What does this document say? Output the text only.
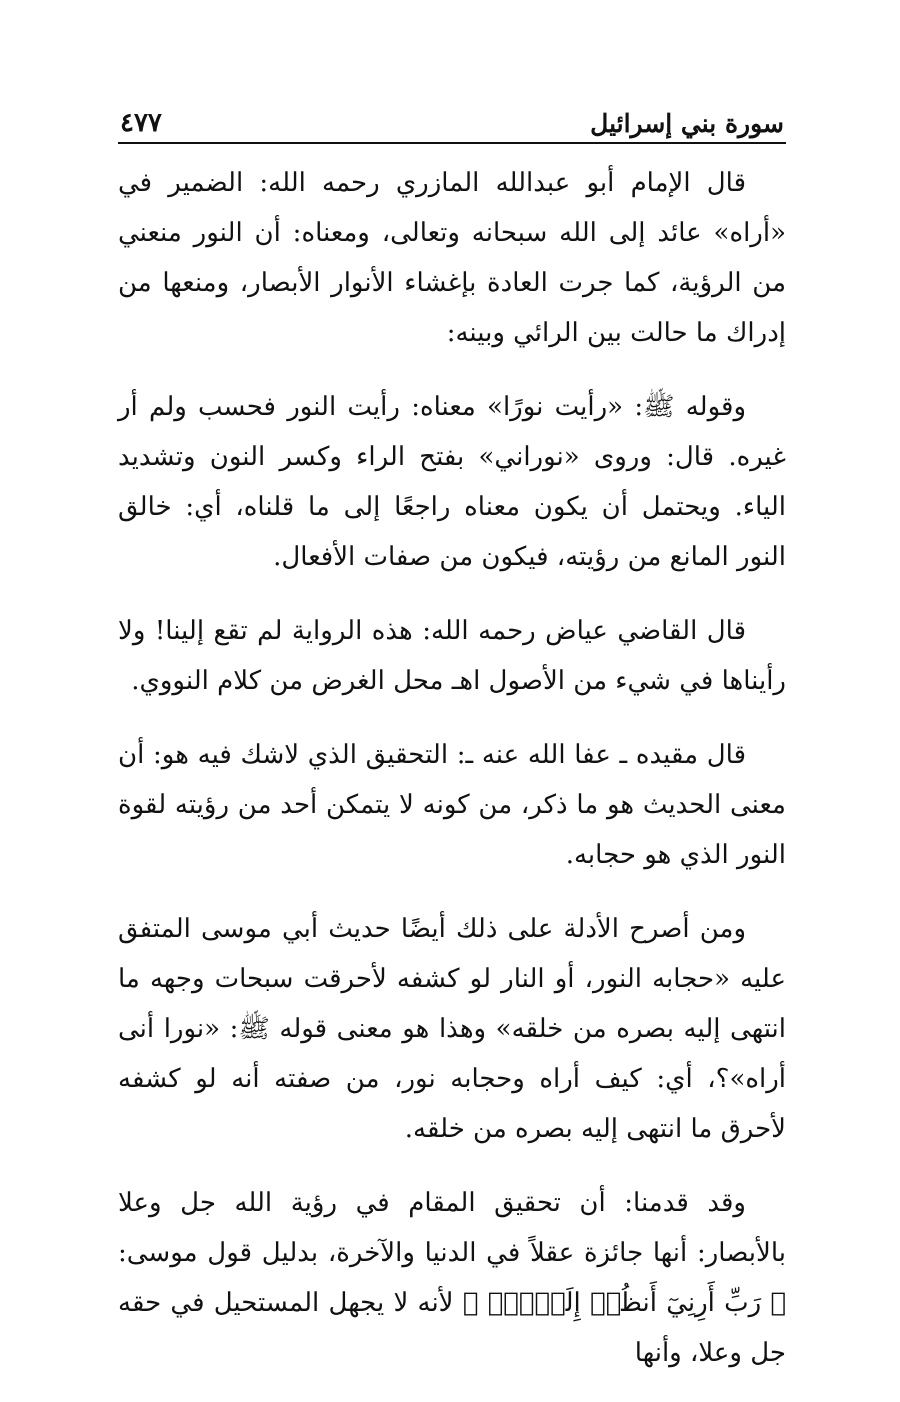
سورة بني إسرائيل
٤٧٧

قال الإمام أبو عبدالله المازري رحمه الله: الضمير في «أراه» عائد إلى الله سبحانه وتعالى، ومعناه: أن النور منعني من الرؤية، كما جرت العادة بإغشاء الأنوار الأبصار، ومنعها من إدراك ما حالت بين الرائي وبينه:

وقوله ﷺ: «رأيت نورًا» معناه: رأيت النور فحسب ولم أر غيره. قال: وروى «نوراني» بفتح الراء وكسر النون وتشديد الياء. ويحتمل أن يكون معناه راجعًا إلى ما قلناه، أي: خالق النور المانع من رؤيته، فيكون من صفات الأفعال.

قال القاضي عياض رحمه الله: هذه الرواية لم تقع إلينا! ولا رأيناها في شيء من الأصول اهـ محل الغرض من كلام النووي.

قال مقيده ـ عفا الله عنه ـ: التحقيق الذي لاشك فيه هو: أن معنى الحديث هو ما ذكر، من كونه لا يتمكن أحد من رؤيته لقوة النور الذي هو حجابه.

ومن أصرح الأدلة على ذلك أيضًا حديث أبي موسى المتفق عليه «حجابه النور، أو النار لو كشفه لأحرقت سبحات وجهه ما انتهى إليه بصره من خلقه» وهذا هو معنى قوله ﷺ: «نورا أنى أراه»؟، أي: كيف أراه وحجابه نور، من صفته أنه لو كشفه لأحرق ما انتهى إليه بصره من خلقه.

وقد قدمنا: أن تحقيق المقام في رؤية الله جل وعلا بالأبصار: أنها جائزة عقلاً في الدنيا والآخرة، بدليل قول موسى: ﴿ رَبِّ أَرِنِيٓ أَنظُرۡ إِلَيۡكَۚ ﴾ لأنه لا يجهل المستحيل في حقه جل وعلا، وأنها
